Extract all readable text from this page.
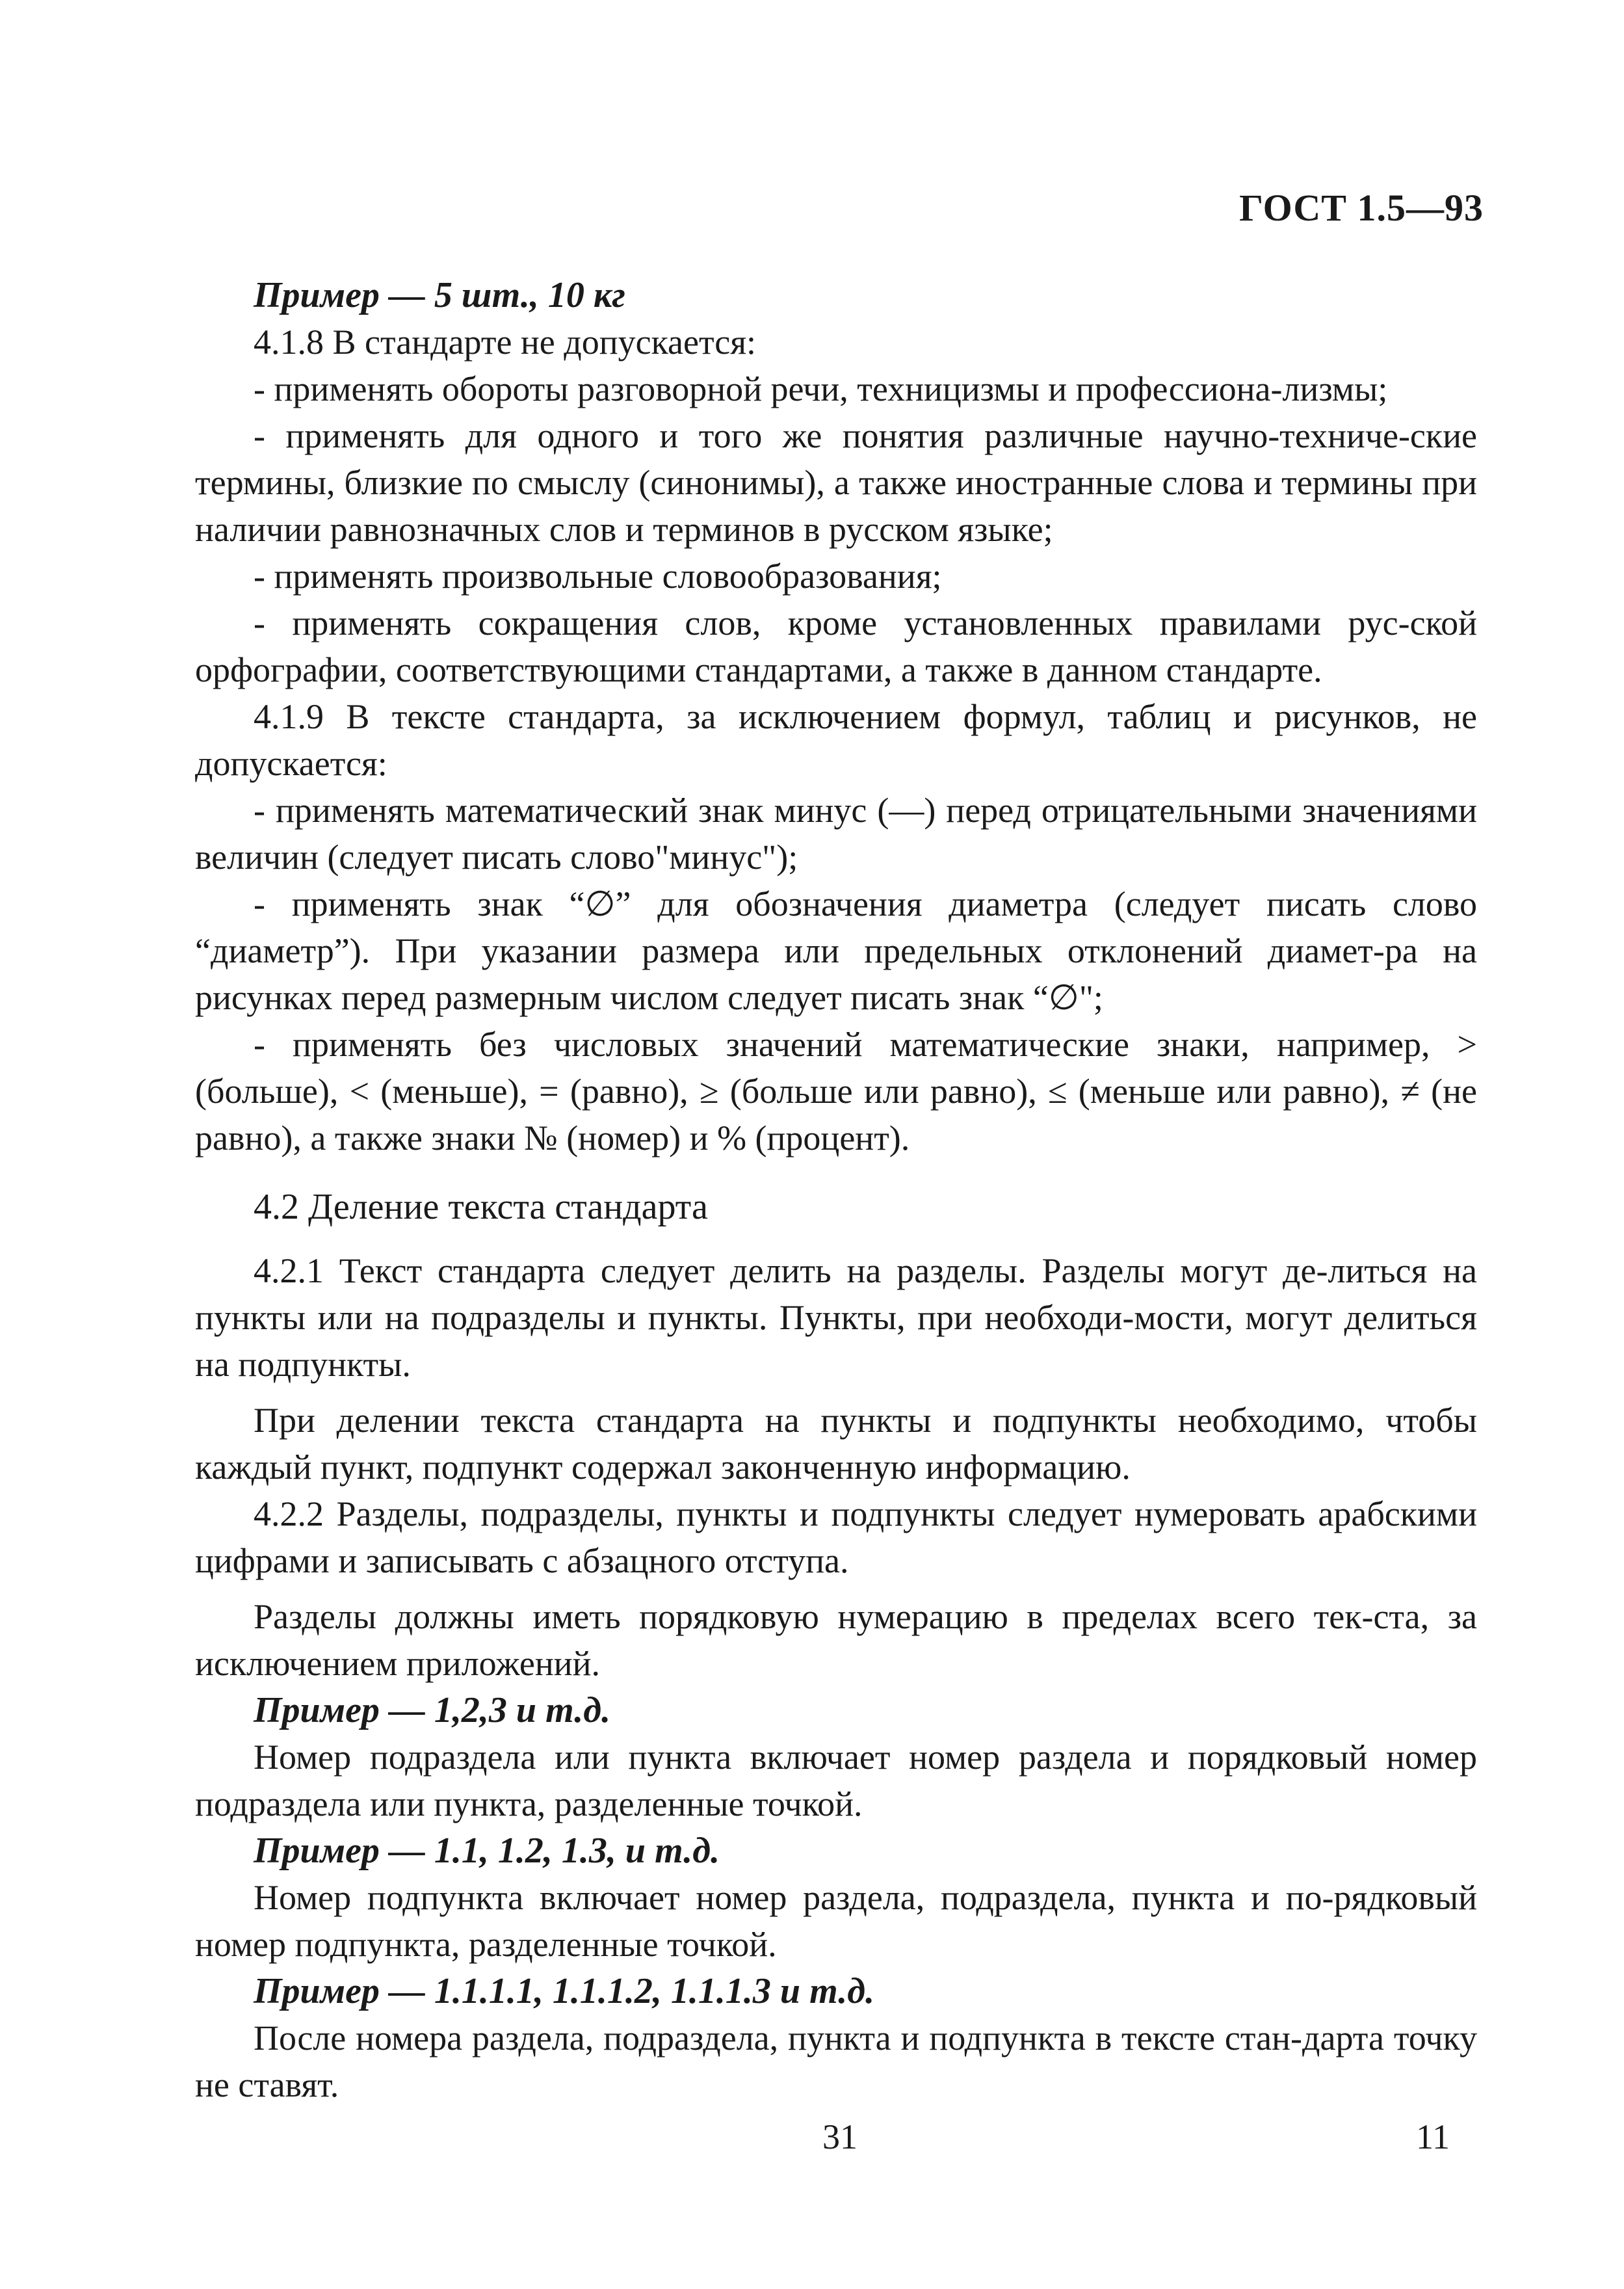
ГОСТ 1.5—93

Пример — 5 шт., 10 кг

4.1.8 В стандарте не допускается:

- применять обороты разговорной речи, техницизмы и профессиона-лизмы;

- применять для одного и того же понятия различные научно-техниче-ские термины, близкие по смыслу (синонимы), а также иностранные слова и термины при наличии равнозначных слов и терминов в русском языке;

- применять произвольные словообразования;

- применять сокращения слов, кроме установленных правилами рус-ской орфографии, соответствующими стандартами, а также в данном стандарте.

4.1.9 В тексте стандарта, за исключением формул, таблиц и рисунков, не допускается:

- применять математический знак минус (—) перед отрицательными значениями величин (следует писать слово"минус");

- применять знак “∅” для обозначения диаметра (следует писать слово “диаметр”). При указании размера или предельных отклонений диамет-ра на рисунках перед размерным числом следует писать знак “∅";

- применять без числовых значений математические знаки, например, > (больше), < (меньше), = (равно), ≥ (больше или равно), ≤ (меньше или равно), ≠ (не равно), а также знаки № (номер) и % (процент).

4.2 Деление текста стандарта

4.2.1 Текст стандарта следует делить на разделы. Разделы могут де-литься на пункты или на подразделы и пункты. Пункты, при необходи-мости, могут делиться на подпункты.

При делении текста стандарта на пункты и подпункты необходимо, чтобы каждый пункт, подпункт содержал законченную информацию.

4.2.2 Разделы, подразделы, пункты и подпункты следует нумеровать арабскими цифрами и записывать с абзацного отступа.

Разделы должны иметь порядковую нумерацию в пределах всего тек-ста, за исключением приложений.

Пример — 1,2,3 и т.д.

Номер подраздела или пункта включает номер раздела и порядковый номер подраздела или пункта, разделенные точкой.

Пример — 1.1, 1.2, 1.3, и т.д.

Номер подпункта включает номер раздела, подраздела, пункта и по-рядковый номер подпункта, разделенные точкой.

Пример — 1.1.1.1, 1.1.1.2, 1.1.1.3 и т.д.

После номера раздела, подраздела, пункта и подпункта в тексте стан-дарта точку не ставят.

31	11
